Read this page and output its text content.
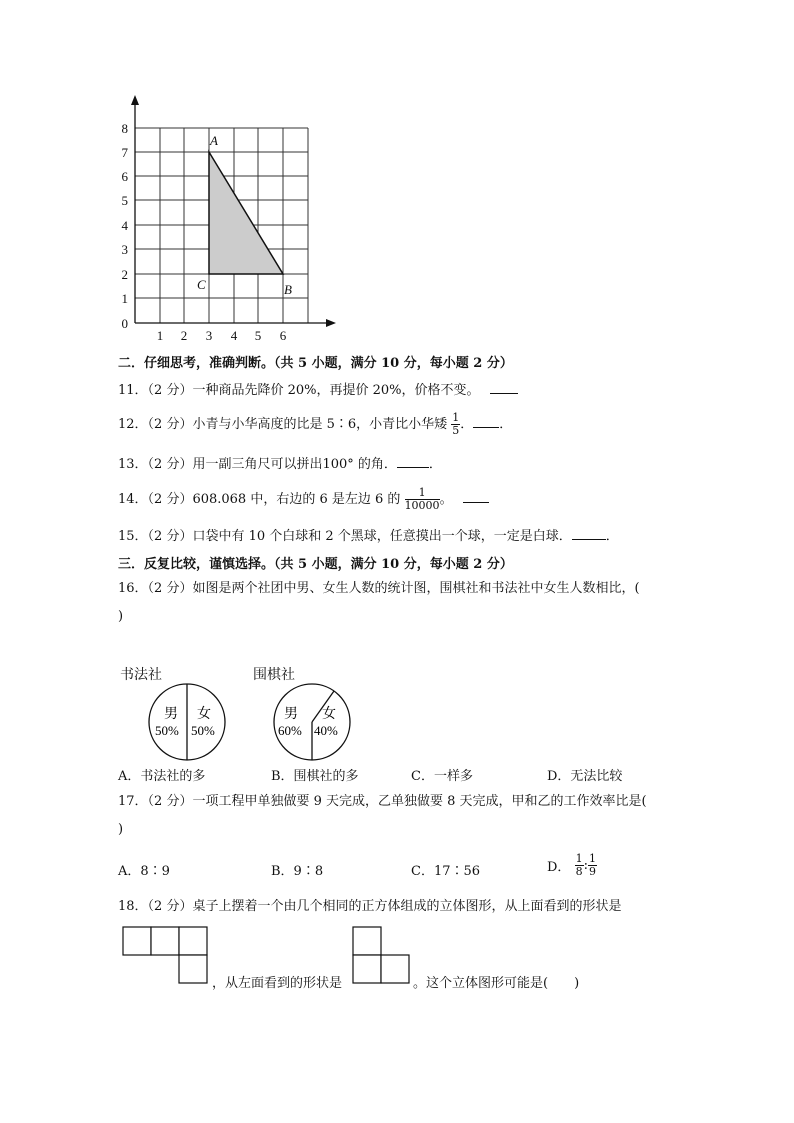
0
1
2
3
4
5
6
7
8
1 2 3 4 5 6
A
C	B
二．仔细思考，准确判断。（共 5 小题，满分 10 分，每小题 2 分）
11．（2 分）一种商品先降价 20%，再提价 20%，价格不变。
12．（2 分）小青与小华高度的比是 5∶6，小青比小华矮 $\frac{1}{5}$ ． ．
13．（2 分）用一副三角尺可以拼出100° 的角． ．
14．（2 分）608.068 中，右边的 6 是左边 6 的 $\frac{1}{10000}$ 。
15．（2 分）口袋中有 10 个白球和 2 个黑球，任意摸出一个球，一定是白球．	．
三．反复比较，谨慎选择。（共 5 小题，满分 10 分，每小题 2 分）
16．（2 分）如图是两个社团中男、女生人数的统计图，围棋社和书法社中女生人数相比，(
)
书法社
男
50%
女
50%
围棋社
男
60%
女
40%
A．书法社的多	B．围棋社的多	C．一样多	D．无法比较
17．（2 分）一项工程甲单独做要 9 天完成，乙单独做要 8 天完成，甲和乙的工作效率比是(
)
A．8∶9	B．9∶8	C．17∶56	D． $\frac{1}{8}$ : $\frac{1}{9}$
18．（2 分）桌子上摆着一个由几个相同的正方体组成的立体图形，从上面看到的形状是
，从左面看到的形状是	。这个立体图形可能是(　　)
